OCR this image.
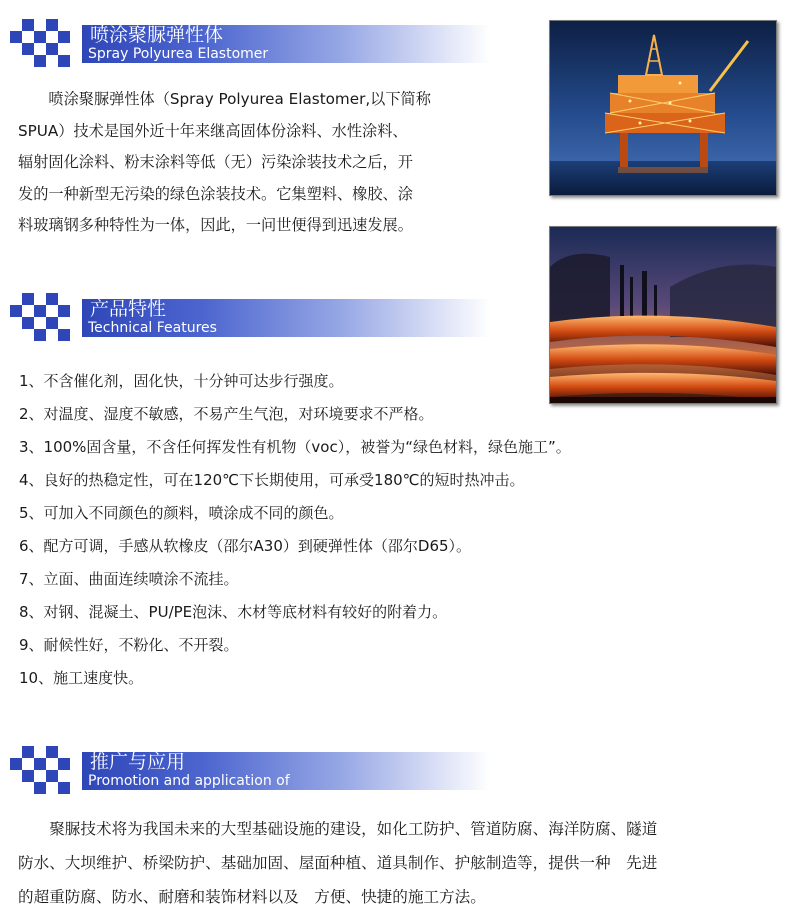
喷涂聚脲弹性体
Spray Polyurea Elastomer
　　喷涂聚脲弹性体（Spray Polyurea Elastomer,以下简称
SPUA）技术是国外近十年来继高固体份涂料、水性涂料、
辐射固化涂料、粉末涂料等低（无）污染涂装技术之后，开
发的一种新型无污染的绿色涂装技术。它集塑料、橡胶、涂
料玻璃钢多种特性为一体，因此，一问世便得到迅速发展。
产品特性
Technical Features
1、不含催化剂，固化快，十分钟可达步行强度。
2、对温度、湿度不敏感，不易产生气泡，对环境要求不严格。
3、100%固含量，不含任何挥发性有机物（voc），被誉为“绿色材料，绿色施工”。
4、良好的热稳定性，可在120℃下长期使用，可承受180℃的短时热冲击。
5、可加入不同颜色的颜料，喷涂成不同的颜色。
6、配方可调，手感从软橡皮（邵尔A30）到硬弹性体（邵尔D65）。
7、立面、曲面连续喷涂不流挂。
8、对钢、混凝土、PU/PE泡沫、木材等底材料有较好的附着力。
9、耐候性好，不粉化、不开裂。
10、施工速度快。
推广与应用
Promotion and application of
　　聚脲技术将为我国未来的大型基础设施的建设，如化工防护、管道防腐、海洋防腐、隧道
防水、大坝维护、桥梁防护、基础加固、屋面种植、道具制作、护舷制造等，提供一种　先进
的超重防腐、防水、耐磨和装饰材料以及　方便、快捷的施工方法。
